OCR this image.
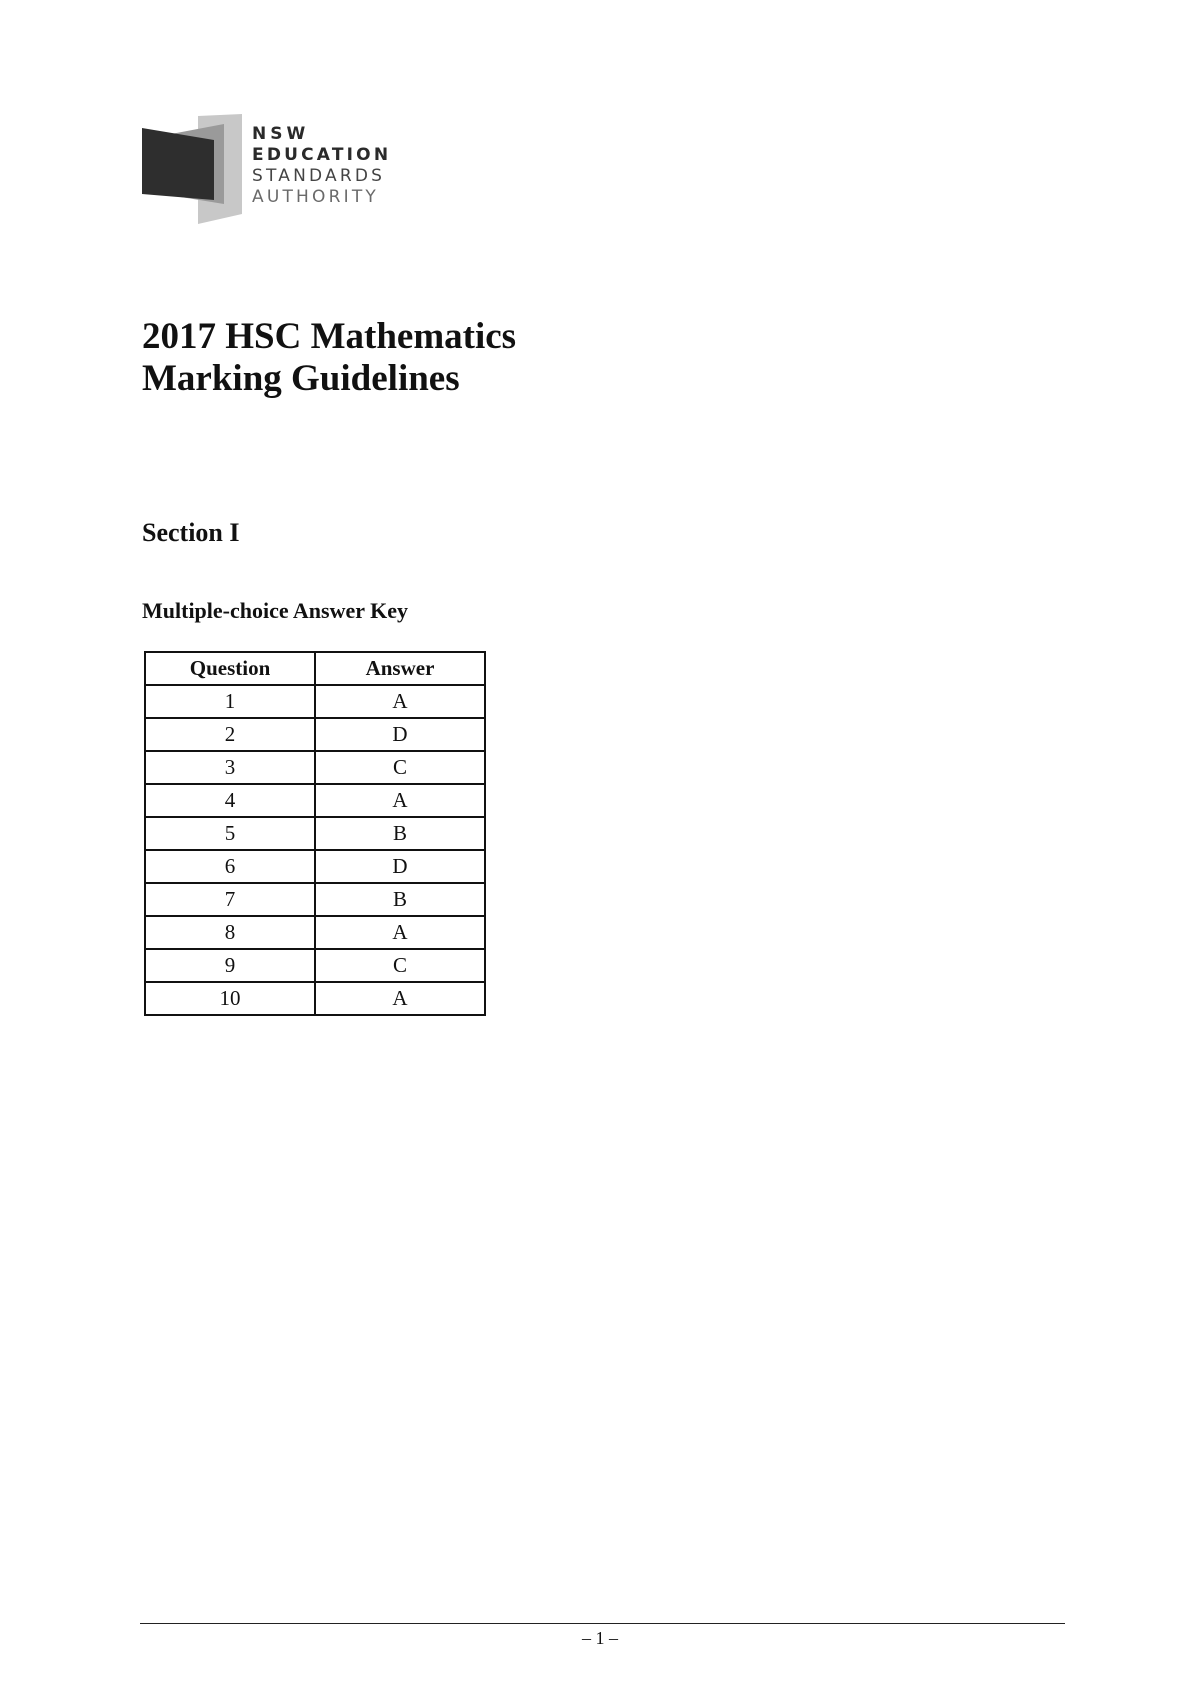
NSW
EDUCATION
STANDARDS
AUTHORITY
2017 HSC Mathematics
Marking Guidelines
Section I
Multiple-choice Answer Key
Question	Answer
1	A
2	D
3	C
4	A
5	B
6	D
7	B
8	A
9	C
10	A
– 1 –
